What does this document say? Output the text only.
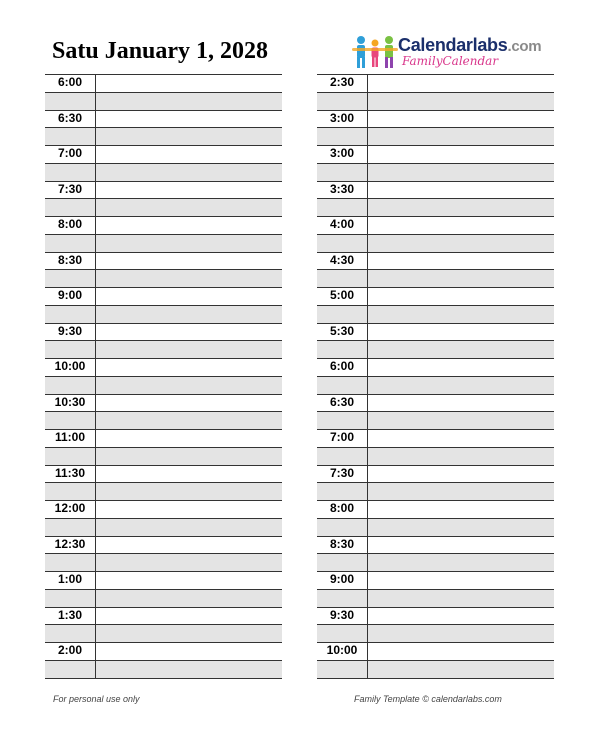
Satu January 1, 2028	Calendarlabs.com
FamilyCalendar
6:00
6:30
7:00
7:30
8:00
8:30
9:00
9:30
10:00
10:30
11:00
11:30
12:00
12:30
1:00
1:30
2:00
2:30
3:00
3:00
3:30
4:00
4:30
5:00
5:30
6:00
6:30
7:00
7:30
8:00
8:30
9:00
9:30
10:00
For personal use only	Family Template © calendarlabs.com
